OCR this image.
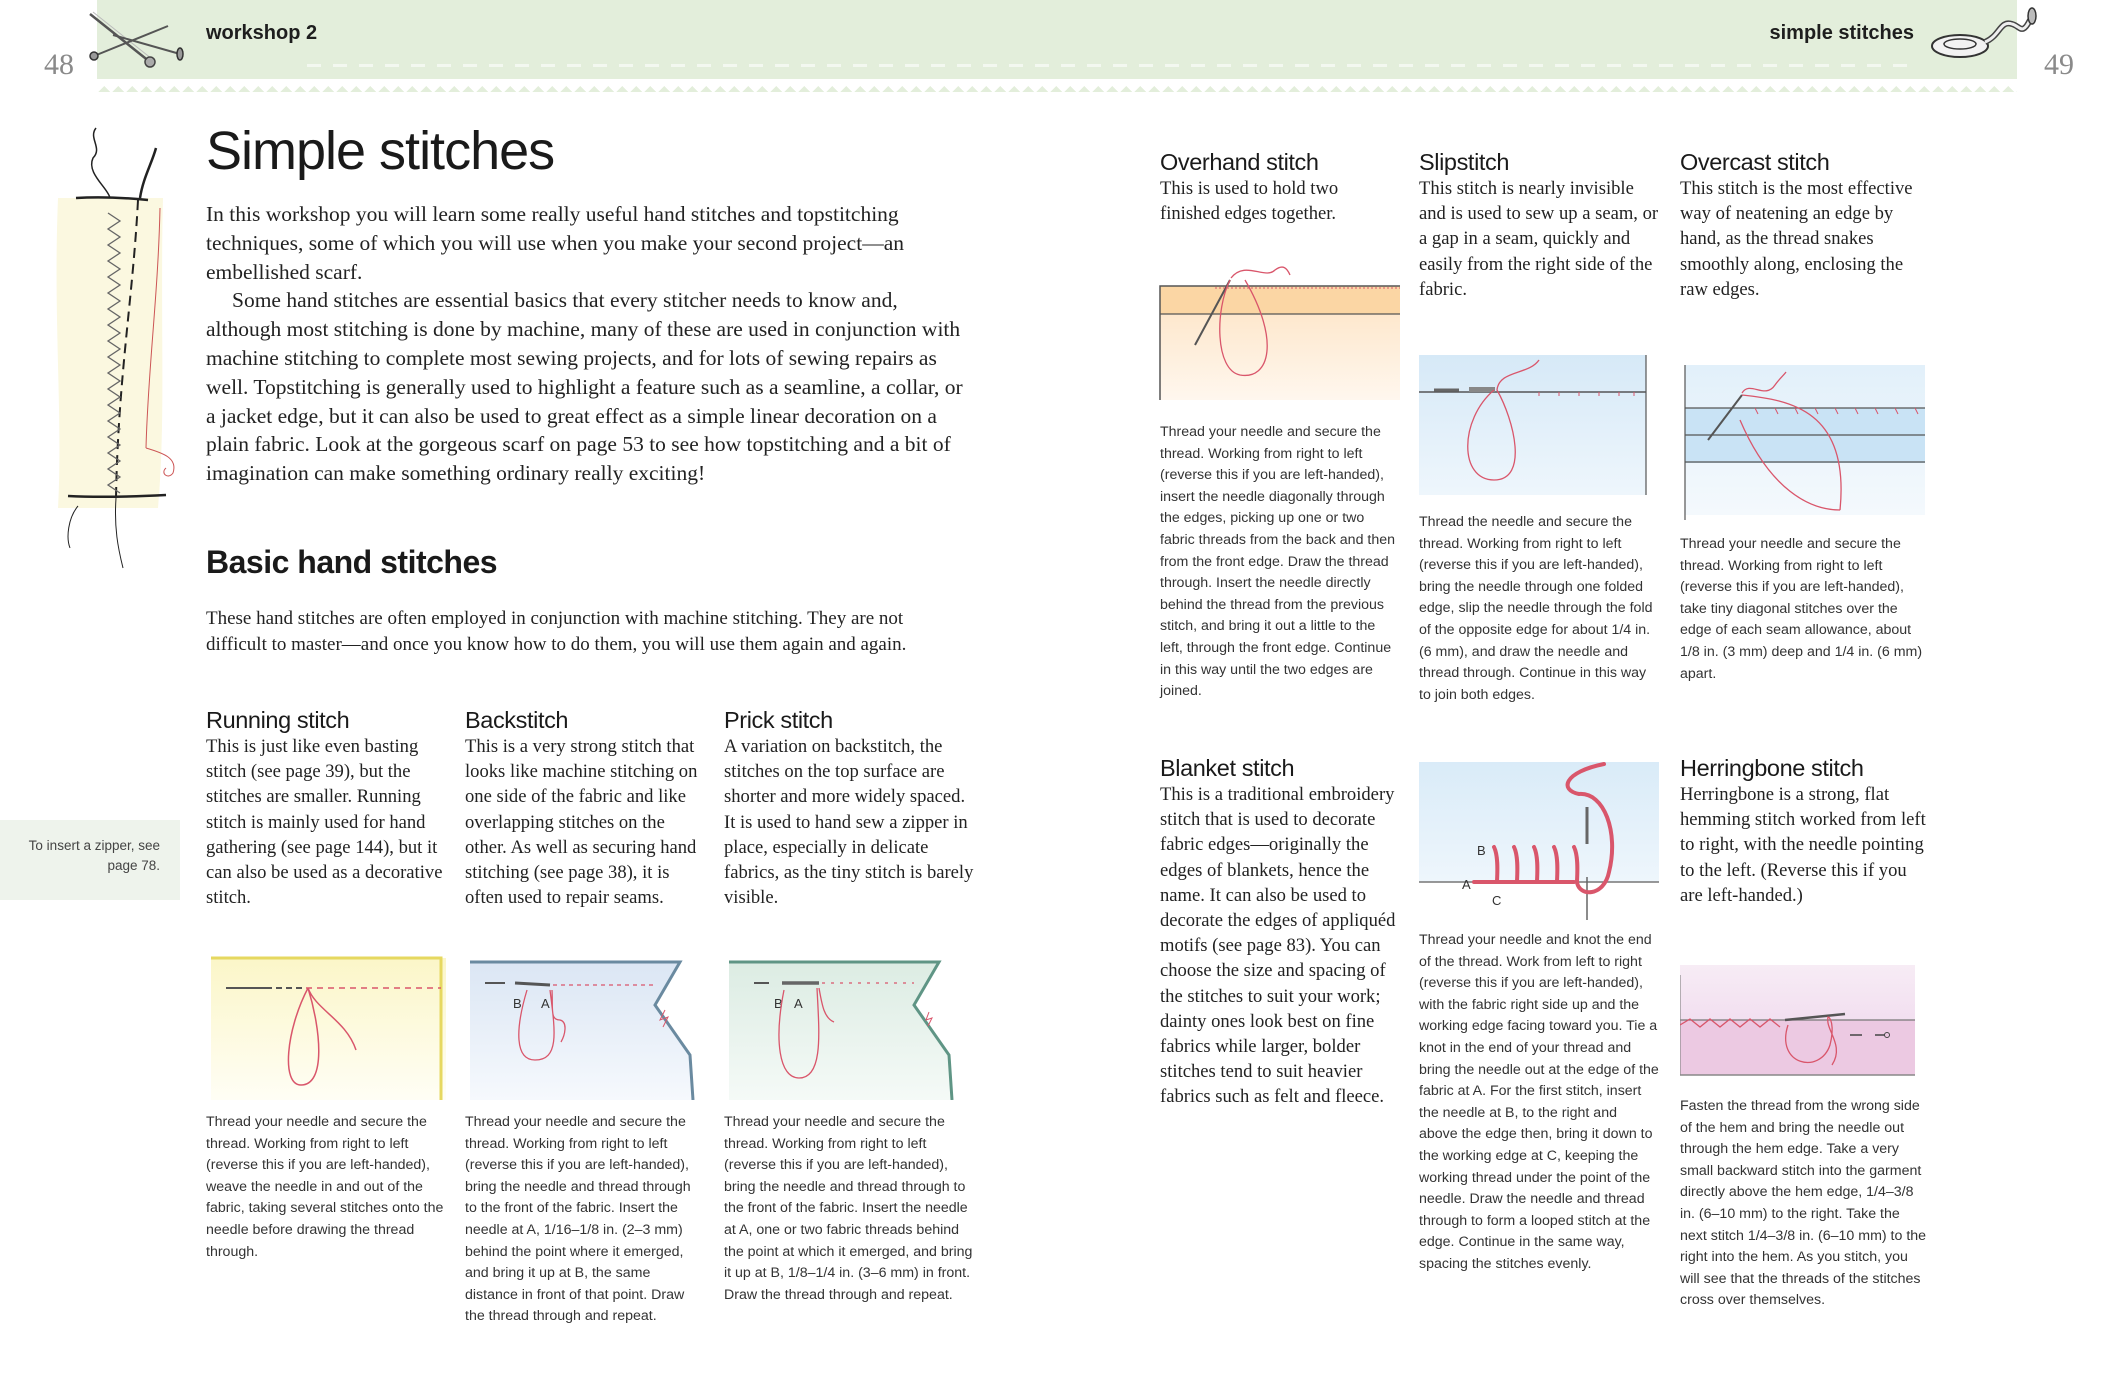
48
workshop 2	simple stitches
49
To insert a zipper, see page 78.
Simple stitches

In this workshop you will learn some really useful hand stitches and topstitching techniques, some of which you will use when you make your second project—an embellished scarf.

Some hand stitches are essential basics that every stitcher needs to know and, although most stitching is done by machine, many of these are used in conjunction with machine stitching to complete most sewing projects, and for lots of sewing repairs as well. Topstitching is generally used to highlight a feature such as a seamline, a collar, or a jacket edge, but it can also be used to great effect as a simple linear decoration on a plain fabric. Look at the gorgeous scarf on page 53 to see how topstitching and a bit of imagination can make something ordinary really exciting!

Basic hand stitches

These hand stitches are often employed in conjunction with machine stitching. They are not difficult to master—and once you know how to do them, you will use them again and again.

Running stitch
This is just like even basting stitch (see page 39), but the stitches are smaller. Running stitch is mainly used for hand gathering (see page 144), but it can also be used as a decorative stitch.
Thread your needle and secure the thread. Working from right to left (reverse this if you are left-handed), weave the needle in and out of the fabric, taking several stitches onto the needle before drawing the thread through.
Backstitch
This is a very strong stitch that looks like machine stitching on one side of the fabric and like overlapping stitches on the other. As well as securing hand stitching (see page 38), it is often used to repair seams.
B A
Thread your needle and secure the thread. Working from right to left (reverse this if you are left-handed), bring the needle and thread through to the front of the fabric. Insert the needle at A, 1/16–1/8 in. (2–3 mm) behind the point where it emerged, and bring it up at B, the same distance in front of that point. Draw the thread through and repeat.
Prick stitch
A variation on backstitch, the stitches on the top surface are shorter and more widely spaced. It is used to hand sew a zipper in place, especially in delicate fabrics, as the tiny stitch is barely visible.
B A
Thread your needle and secure the thread. Working from right to left (reverse this if you are left-handed), bring the needle and thread through to the front of the fabric. Insert the needle at A, one or two fabric threads behind the point at which it emerged, and bring it up at B, 1/8–1/4 in. (3–6 mm) in front. Draw the thread through and repeat.
Overhand stitch
This is used to hold two finished edges together.
Thread your needle and secure the thread. Working from right to left (reverse this if you are left-handed), insert the needle diagonally through the edges, picking up one or two fabric threads from the back and then from the front edge. Draw the thread through. Insert the needle directly behind the thread from the previous stitch, and bring it out a little to the left, through the front edge. Continue in this way until the two edges are joined.
Slipstitch
This stitch is nearly invisible and is used to sew up a seam, or a gap in a seam, quickly and easily from the right side of the fabric.
Thread the needle and secure the thread. Working from right to left (reverse this if you are left-handed), bring the needle through one folded edge, slip the needle through the fold of the opposite edge for about 1/4 in. (6 mm), and draw the needle and thread through. Continue in this way to join both edges.
Overcast stitch
This stitch is the most effective way of neatening an edge by hand, as the thread snakes smoothly along, enclosing the raw edges.
Thread your needle and secure the thread. Working from right to left (reverse this if you are left-handed), take tiny diagonal stitches over the edge of each seam allowance, about 1/8 in. (3 mm) deep and 1/4 in. (6 mm) apart.
Blanket stitch
This is a traditional embroidery stitch that is used to decorate fabric edges—originally the edges of blankets, hence the name. It can also be used to decorate the edges of appliquéd motifs (see page 83). You can choose the size and spacing of the stitches to suit your work; dainty ones look best on fine fabrics while larger, bolder stitches tend to suit heavier fabrics such as felt and fleece.
B
A
C
Thread your needle and knot the end of the thread. Work from left to right (reverse this if you are left-handed), with the fabric right side up and the working edge facing toward you. Tie a knot in the end of your thread and bring the needle out at the edge of the fabric at A. For the first stitch, insert the needle at B, to the right and above the edge then, bring it down to the working edge at C, keeping the working thread under the point of the needle. Draw the needle and thread through to form a looped stitch at the edge. Continue in the same way, spacing the stitches evenly.
Herringbone stitch
Herringbone is a strong, flat hemming stitch worked from left to right, with the needle pointing to the left. (Reverse this if you are left-handed.)
Fasten the thread from the wrong side of the hem and bring the needle out through the hem edge. Take a very small backward stitch into the garment directly above the hem edge, 1/4–3/8 in. (6–10 mm) to the right. Take the next stitch 1/4–3/8 in. (6–10 mm) to the right into the hem. As you stitch, you will see that the threads of the stitches cross over themselves.
